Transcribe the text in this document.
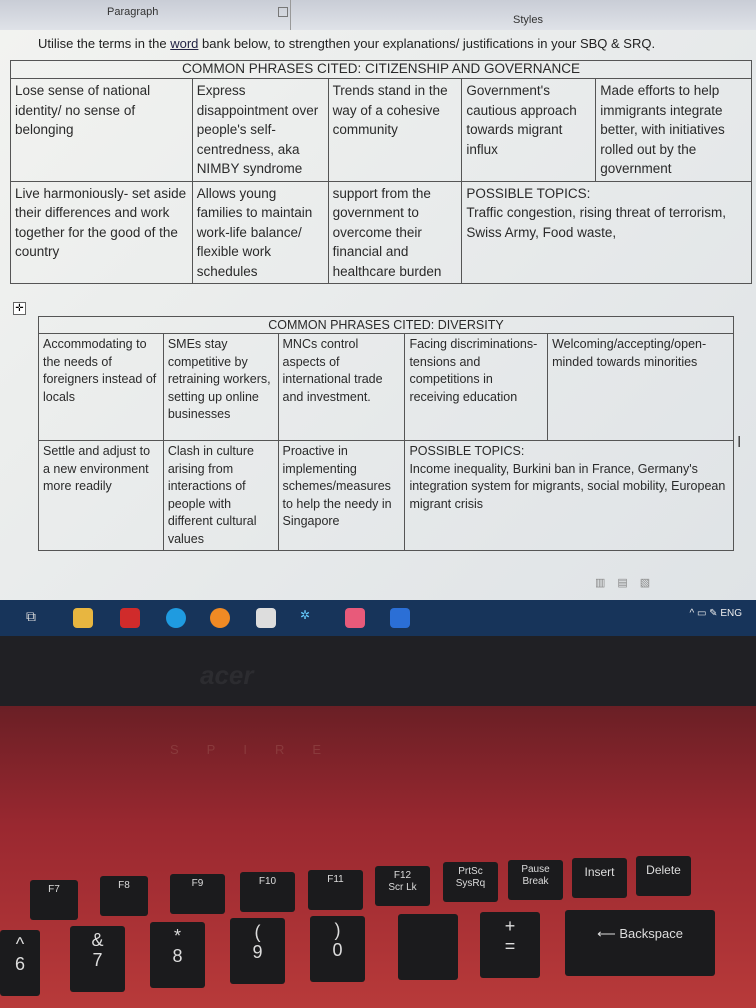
Paragraph
Styles
Utilise the terms in the word bank below, to strengthen your explanations/ justifications in your SBQ & SRQ.
COMMON PHRASES CITED: CITIZENSHIP AND GOVERNANCE				
Lose sense of national identity/ no sense of belonging	Express disappointment over people's self-centredness, aka NIMBY syndrome	Trends stand in the way of a cohesive community	Government's cautious approach towards migrant influx	Made efforts to help immigrants integrate better, with initiatives rolled out by the government
Live harmoniously- set aside their differences and work together for the good of the country	Allows young families to maintain work-life balance/ flexible work schedules	support from the government to overcome their financial and healthcare burden	POSSIBLE TOPICS:
Traffic congestion, rising threat of terrorism, Swiss Army, Food waste,	
✛
COMMON PHRASES CITED: DIVERSITY				
Accommodating to the needs of foreigners instead of locals	SMEs stay competitive by retraining workers, setting up online businesses	MNCs control aspects of international trade and investment.	Facing discriminations- tensions and competitions in receiving education	Welcoming/accepting/open-minded towards minorities
Settle and adjust to a new environment more readily	Clash in culture arising from interactions of people with different cultural values	Proactive in implementing schemes/measures to help the needy in Singapore	POSSIBLE TOPICS:
Income inequality, Burkini ban in France, Germany's integration system for migrants, social mobility, European migrant crisis	
I
▥▤▧
⧉	✲	^ ▭ ✎ ENG
acer
SPIRE
F7	F8	F9	F10	F11	F12
Scr Lk
PrtSc
SysRq
Pause
Break
Insert	Delete
^
6
&
7
*
8
(
9
)
0
+
=
⟵ Backspace
